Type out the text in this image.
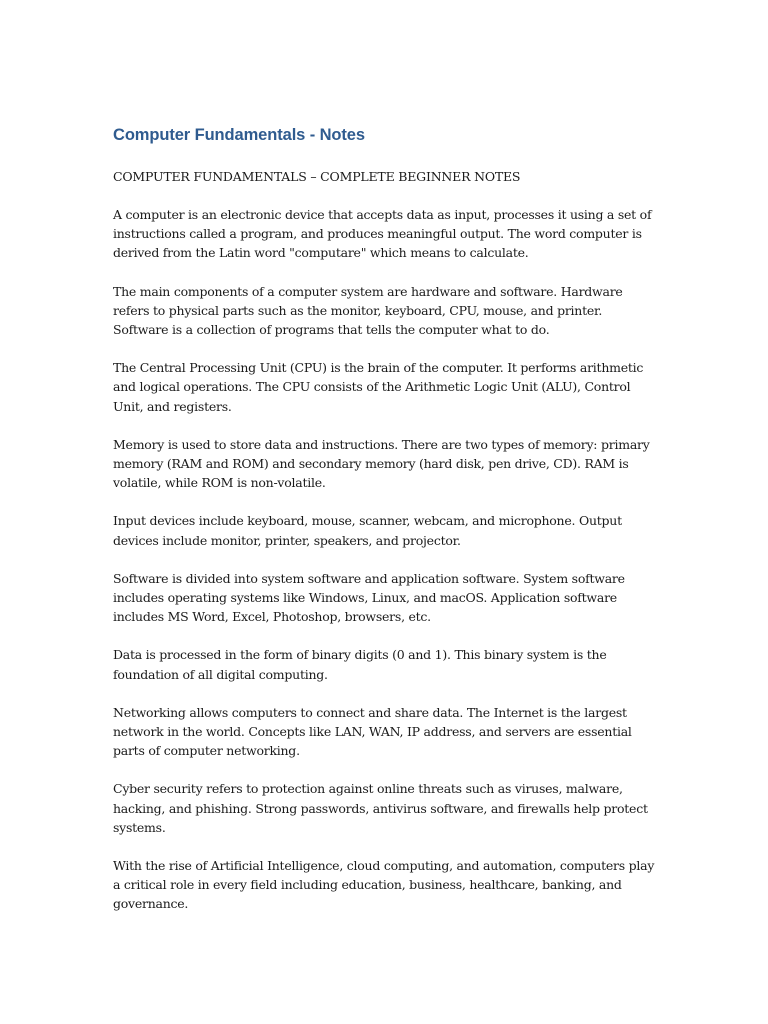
Computer Fundamentals - Notes

COMPUTER FUNDAMENTALS – COMPLETE BEGINNER NOTES

A computer is an electronic device that accepts data as input, processes it using a set of instructions called a program, and produces meaningful output. The word computer is derived from the Latin word "computare" which means to calculate.

The main components of a computer system are hardware and software. Hardware refers to physical parts such as the monitor, keyboard, CPU, mouse, and printer. Software is a collection of programs that tells the computer what to do.

The Central Processing Unit (CPU) is the brain of the computer. It performs arithmetic and logical operations. The CPU consists of the Arithmetic Logic Unit (ALU), Control Unit, and registers.

Memory is used to store data and instructions. There are two types of memory: primary memory (RAM and ROM) and secondary memory (hard disk, pen drive, CD). RAM is volatile, while ROM is non-volatile.

Input devices include keyboard, mouse, scanner, webcam, and microphone. Output devices include monitor, printer, speakers, and projector.

Software is divided into system software and application software. System software includes operating systems like Windows, Linux, and macOS. Application software includes MS Word, Excel, Photoshop, browsers, etc.

Data is processed in the form of binary digits (0 and 1). This binary system is the foundation of all digital computing.

Networking allows computers to connect and share data. The Internet is the largest network in the world. Concepts like LAN, WAN, IP address, and servers are essential parts of computer networking.

Cyber security refers to protection against online threats such as viruses, malware, hacking, and phishing. Strong passwords, antivirus software, and firewalls help protect systems.

With the rise of Artificial Intelligence, cloud computing, and automation, computers play a critical role in every field including education, business, healthcare, banking, and governance.
